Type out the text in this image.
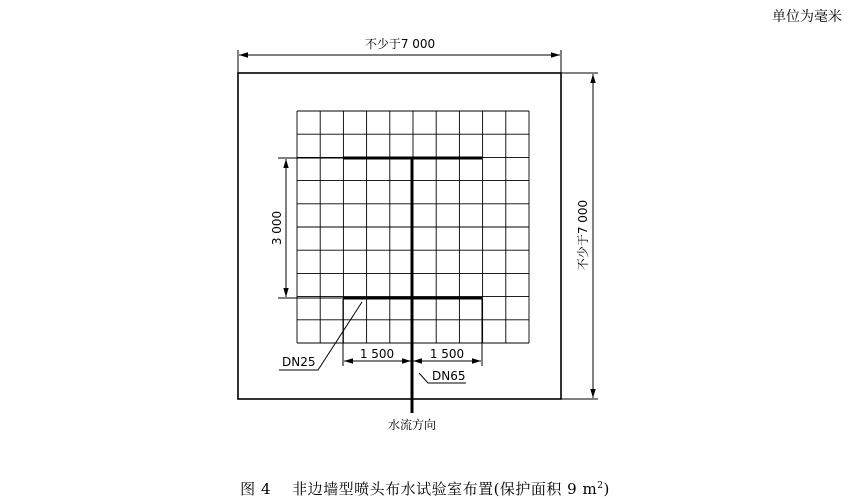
单位为毫米
不少于7 000
不少于7 000
3 000
1 500	1 500
DN25
DN65
水流方向
图 4 非边墙型喷头布水试验室布置(保护面积 9 $m^2$)
